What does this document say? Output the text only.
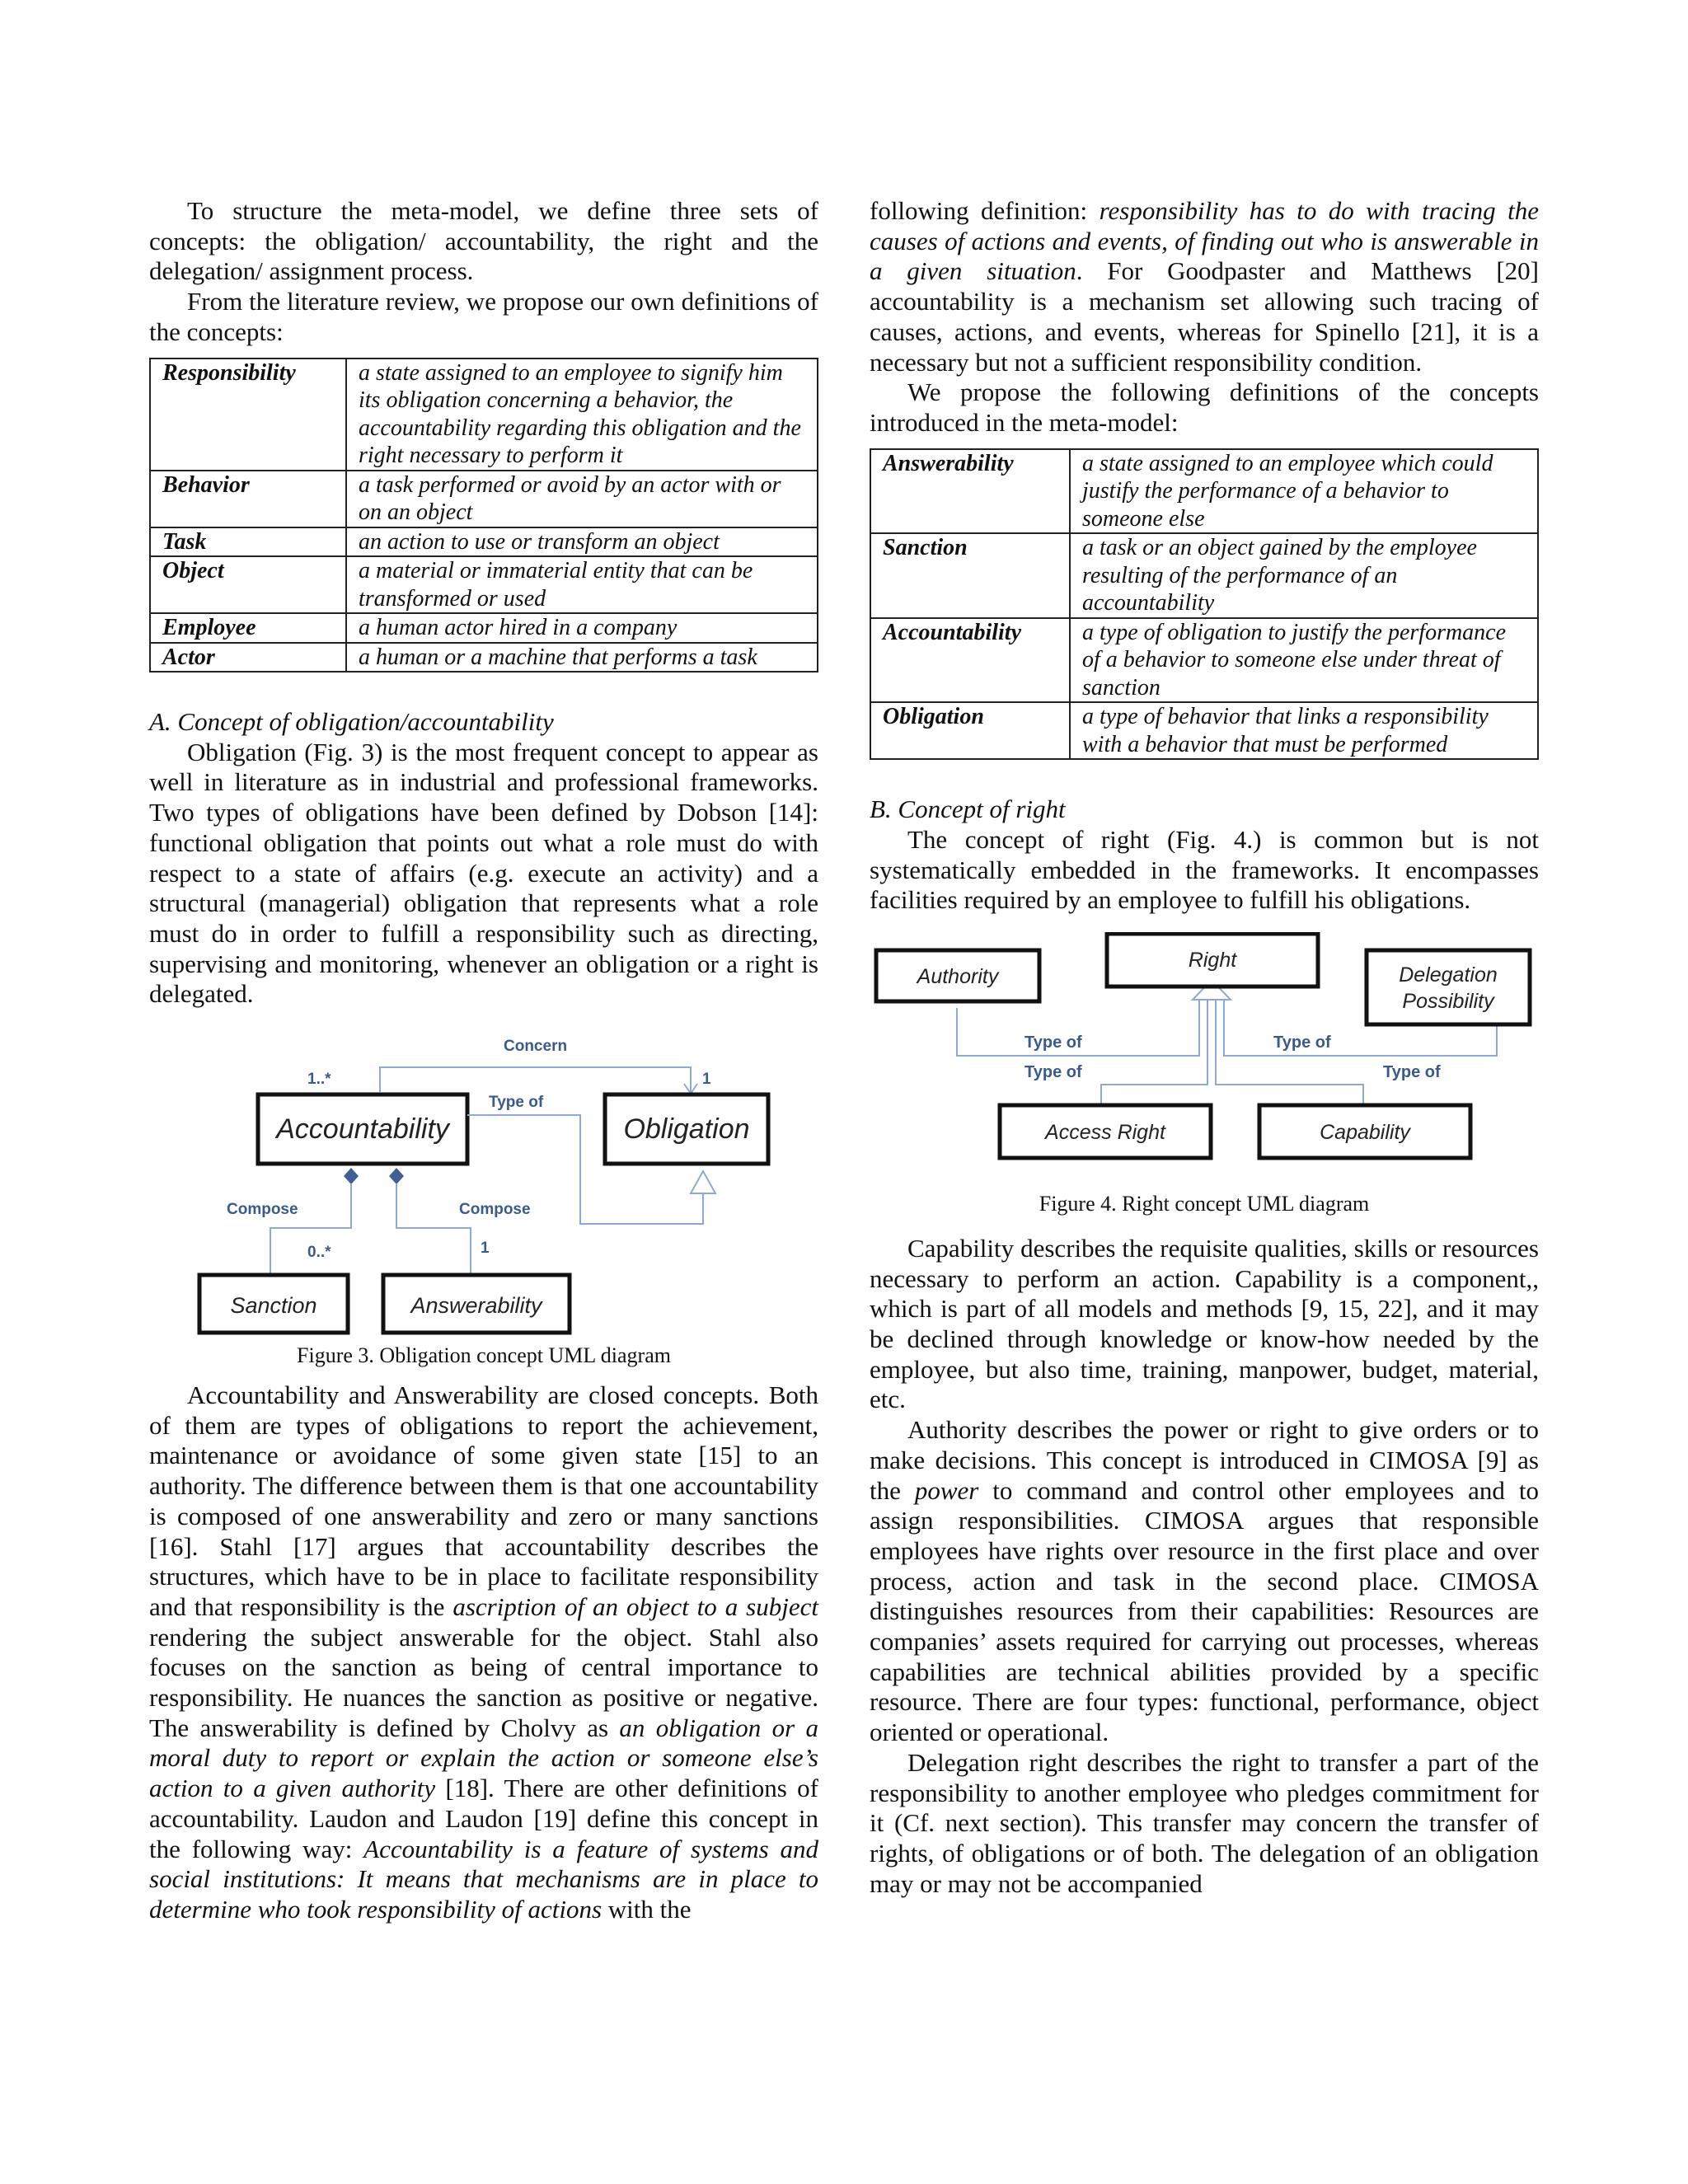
To structure the meta-model, we define three sets of concepts: the obligation/ accountability, the right and the delegation/ assignment process.

From the literature review, we propose our own definitions of the concepts:

Responsibility	a state assigned to an employee to signify him its obligation concerning a behavior, the accountability regarding this obligation and the right necessary to perform it
Behavior	a task performed or avoid by an actor with or on an object
Task	an action to use or transform an object
Object	a material or immaterial entity that can be transformed or used
Employee	a human actor hired in a company
Actor	a human or a machine that performs a task
A. Concept of obligation/accountability

Obligation (Fig. 3) is the most frequent concept to appear as well in literature as in industrial and professional frameworks. Two types of obligations have been defined by Dobson [14]: functional obligation that points out what a role must do with respect to a state of affairs (e.g. execute an activity) and a structural (managerial) obligation that represents what a role must do in order to fulfill a responsibility such as directing, supervising and monitoring, whenever an obligation or a right is delegated.

Concern
1..*	1
Accountability	Obligation
Type of
Compose
0..*
Compose
1
Sanction	Answerability

Figure 3. Obligation concept UML diagram

Accountability and Answerability are closed concepts. Both of them are types of obligations to report the achievement, maintenance or avoidance of some given state [15] to an authority. The difference between them is that one accountability is composed of one answerability and zero or many sanctions [16]. Stahl [17] argues that accountability describes the structures, which have to be in place to facilitate responsibility and that responsibility is the ascription of an object to a subject rendering the subject answerable for the object. Stahl also focuses on the sanction as being of central importance to responsibility. He nuances the sanction as positive or negative. The answerability is defined by Cholvy as an obligation or a moral duty to report or explain the action or someone else’s action to a given authority [18]. There are other definitions of accountability. Laudon and Laudon [19] define this concept in the following way: Accountability is a feature of systems and social institutions: It means that mechanisms are in place to determine who took responsibility of actions with the

following definition: responsibility has to do with tracing the causes of actions and events, of finding out who is answerable in a given situation. For Goodpaster and Matthews [20] accountability is a mechanism set allowing such tracing of causes, actions, and events, whereas for Spinello [21], it is a necessary but not a sufficient responsibility condition.

We propose the following definitions of the concepts introduced in the meta-model:

Answerability	a state assigned to an employee which could justify the performance of a behavior to someone else
Sanction	a task or an object gained by the employee resulting of the performance of an accountability
Accountability	a type of obligation to justify the performance of a behavior to someone else under threat of sanction
Obligation	a type of behavior that links a responsibility with a behavior that must be performed
B. Concept of right

The concept of right (Fig. 4.) is common but is not systematically embedded in the frameworks. It encompasses facilities required by an employee to fulfill his obligations.

Type of	Type of
Type of	Type of
Authority
Right
Delegation
Possibility
Access Right	Capability

Figure 4. Right concept UML diagram

Capability describes the requisite qualities, skills or resources necessary to perform an action. Capability is a component,, which is part of all models and methods [9, 15, 22], and it may be declined through knowledge or know-how needed by the employee, but also time, training, manpower, budget, material, etc.

Authority describes the power or right to give orders or to make decisions. This concept is introduced in CIMOSA [9] as the power to command and control other employees and to assign responsibilities. CIMOSA argues that responsible employees have rights over resource in the first place and over process, action and task in the second place. CIMOSA distinguishes resources from their capabilities: Resources are companies’ assets required for carrying out processes, whereas capabilities are technical abilities provided by a specific resource. There are four types: functional, performance, object oriented or operational.

Delegation right describes the right to transfer a part of the responsibility to another employee who pledges commitment for it (Cf. next section). This transfer may concern the transfer of rights, of obligations or of both. The delegation of an obligation may or may not be accompanied
